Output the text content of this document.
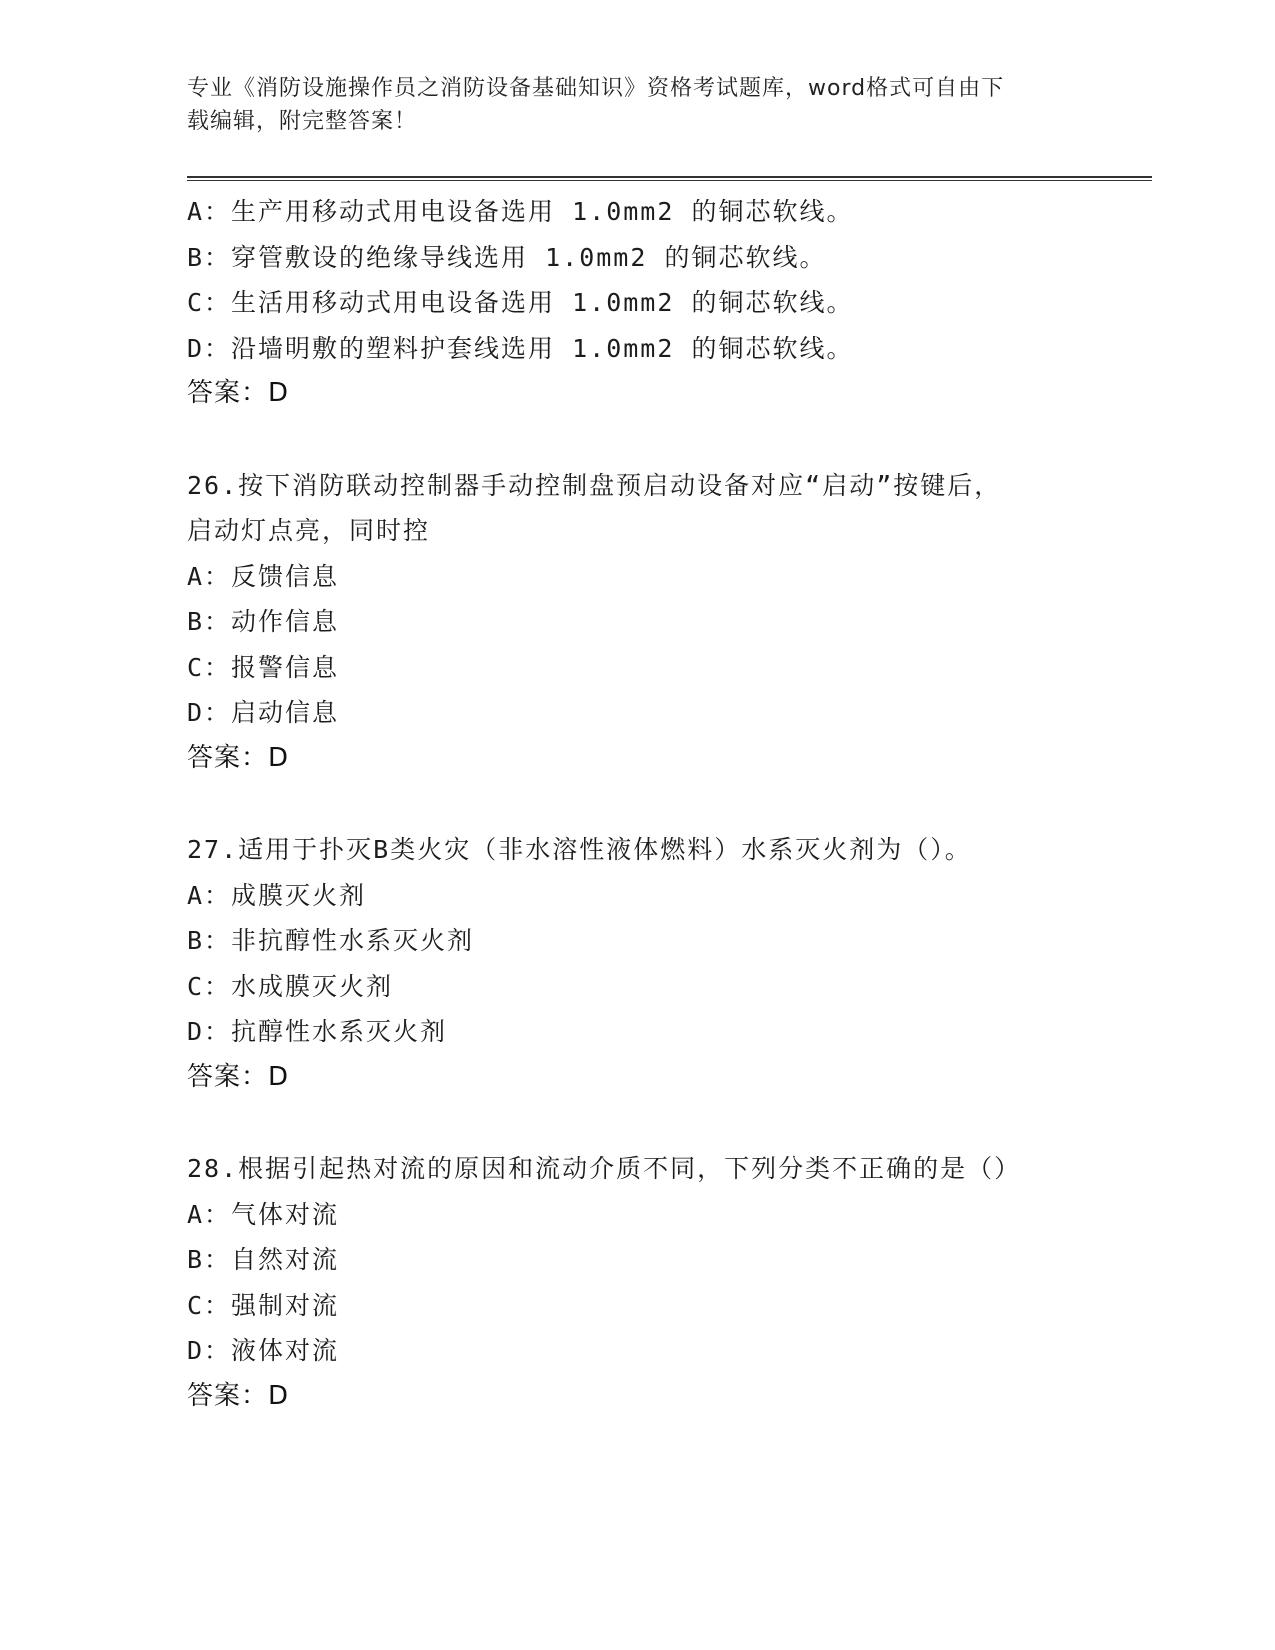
专业《消防设施操作员之消防设备基础知识》资格考试题库，word格式可自由下
载编辑，附完整答案！
A：生产用移动式用电设备选用 1.0mm2 的铜芯软线。
B：穿管敷设的绝缘导线选用 1.0mm2 的铜芯软线。
C：生活用移动式用电设备选用 1.0mm2 的铜芯软线。
D：沿墙明敷的塑料护套线选用 1.0mm2 的铜芯软线。
答案：D
26.按下消防联动控制器手动控制盘预启动设备对应“启动”按键后，
启动灯点亮，同时控
A：反馈信息
B：动作信息
C：报警信息
D：启动信息
答案：D
27.适用于扑灭B类火灾（非水溶性液体燃料）水系灭火剂为（）。
A：成膜灭火剂
B：非抗醇性水系灭火剂
C：水成膜灭火剂
D：抗醇性水系灭火剂
答案：D
28.根据引起热对流的原因和流动介质不同，下列分类不正确的是（）
A：气体对流
B：自然对流
C：强制对流
D：液体对流
答案：D
